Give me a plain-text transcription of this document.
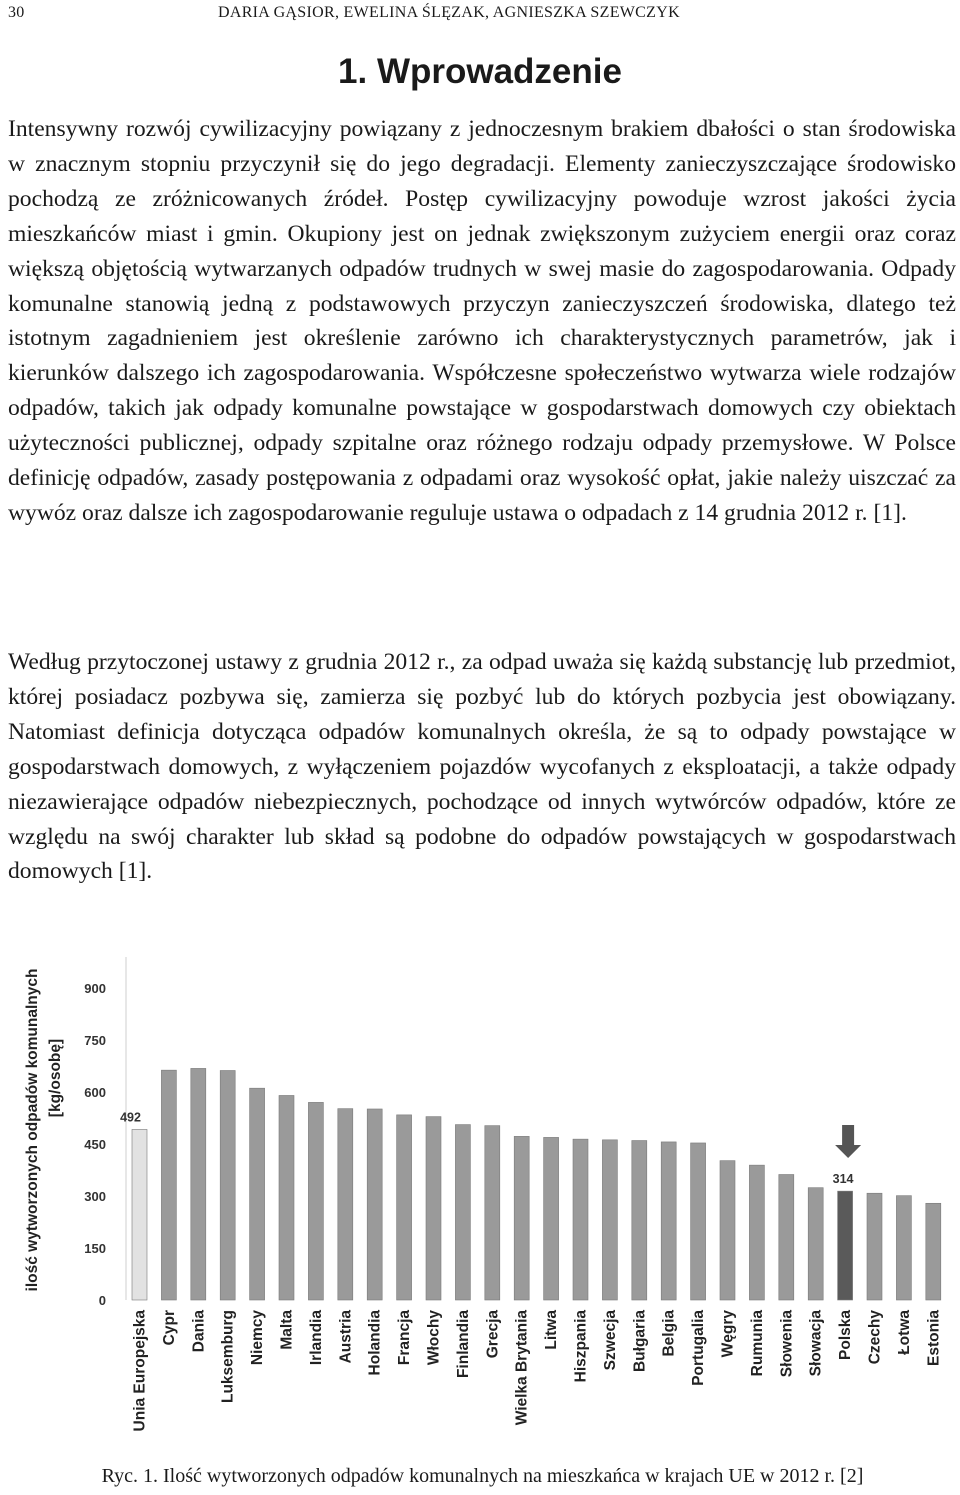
30	DARIA GĄSIOR, EWELINA ŚLĘZAK, AGNIESZKA SZEWCZYK
1. Wprowadzenie

Intensywny rozwój cywilizacyjny powiązany z jednoczesnym brakiem dbałości o stan środowiska w znacznym stopniu przyczynił się do jego degradacji. Elementy zanieczyszczające środowisko pochodzą ze zróżnicowanych źródeł. Postęp cywilizacyjny powoduje wzrost jakości życia mieszkańców miast i gmin. Okupiony jest on jednak zwiększonym zużyciem energii oraz coraz większą objętością wytwarzanych odpadów trudnych w swej masie do zagospodarowania. Odpady komunalne stanowią jedną z podstawowych przyczyn zanieczyszczeń środowiska, dlatego też istotnym zagadnieniem jest określenie zarówno ich charakterystycznych parametrów, jak i kierunków dalszego ich zagospodarowania. Współczesne społeczeństwo wytwarza wiele rodzajów odpadów, takich jak odpady komunalne powstające w gospodarstwach domowych czy obiektach użyteczności publicznej, odpady szpitalne oraz różnego rodzaju odpady przemysłowe. W Polsce definicję odpadów, zasady postępowania z odpadami oraz wysokość opłat, jakie należy uiszczać za wywóz oraz dalsze ich zagospodarowanie reguluje ustawa o odpadach z 14 grudnia 2012 r. [1].

Według przytoczonej ustawy z grudnia 2012 r., za odpad uważa się każdą substancję lub przedmiot, której posiadacz pozbywa się, zamierza się pozbyć lub do których pozbycia jest obowiązany. Natomiast definicja dotycząca odpadów komunalnych określa, że są to odpady powstające w gospodarstwach domowych, z wyłączeniem pojazdów wycofanych z eksploatacji, a także odpady niezawierające odpadów niebezpiecznych, pochodzące od innych wytwórców odpadów, które ze względu na swój charakter lub skład są podobne do odpadów powstających w gospodarstwach domowych [1].

0
150
300
450
600
750
900
ilość wytworzonych odpadów komunalnych [kg/osobę]
Unia Europejska Cypr Dania Luksemburg Niemcy Malta Irlandia Austria Holandia Francja Włochy Finlandia Grecja Wielka Brytania Litwa Hiszpania Szwecja Bułgaria Belgia Portugalia Węgry Rumunia Słowenia Słowacja Polska Czechy Łotwa Estonia
492
314

Ryc. 1. Ilość wytworzonych odpadów komunalnych na mieszkańca w krajach UE w 2012 r. [2]
